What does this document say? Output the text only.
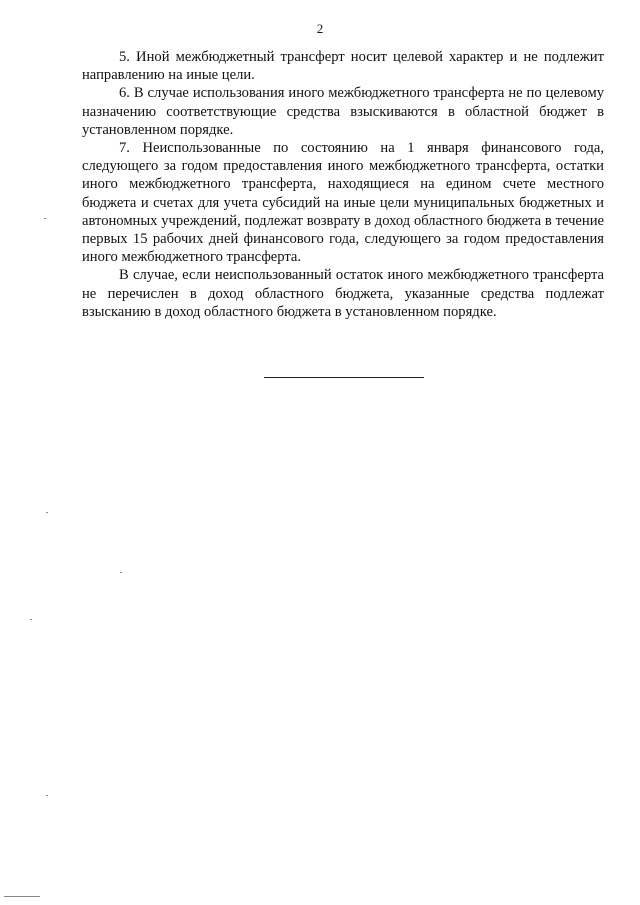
2

5. Иной межбюджетный трансферт носит целевой характер и не подлежит направлению на иные цели.

6. В случае использования иного межбюджетного трансферта не по целевому назначению соответствующие средства взыскиваются в областной бюджет в установленном порядке.

7. Неиспользованные по состоянию на 1 января финансового года, следующего за годом предоставления иного межбюджетного трансферта, остатки иного межбюджетного трансферта, находящиеся на едином счете местного бюджета и счетах для учета субсидий на иные цели муниципальных бюджетных и автономных учреждений, подлежат возврату в доход областного бюджета в течение первых 15 рабочих дней финансового года, следующего за годом предоставления иного межбюджетного трансферта.

В случае, если неиспользованный остаток иного межбюджетного трансферта не перечислен в доход областного бюджета, указанные средства подлежат взысканию в доход областного бюджета в установленном порядке.
